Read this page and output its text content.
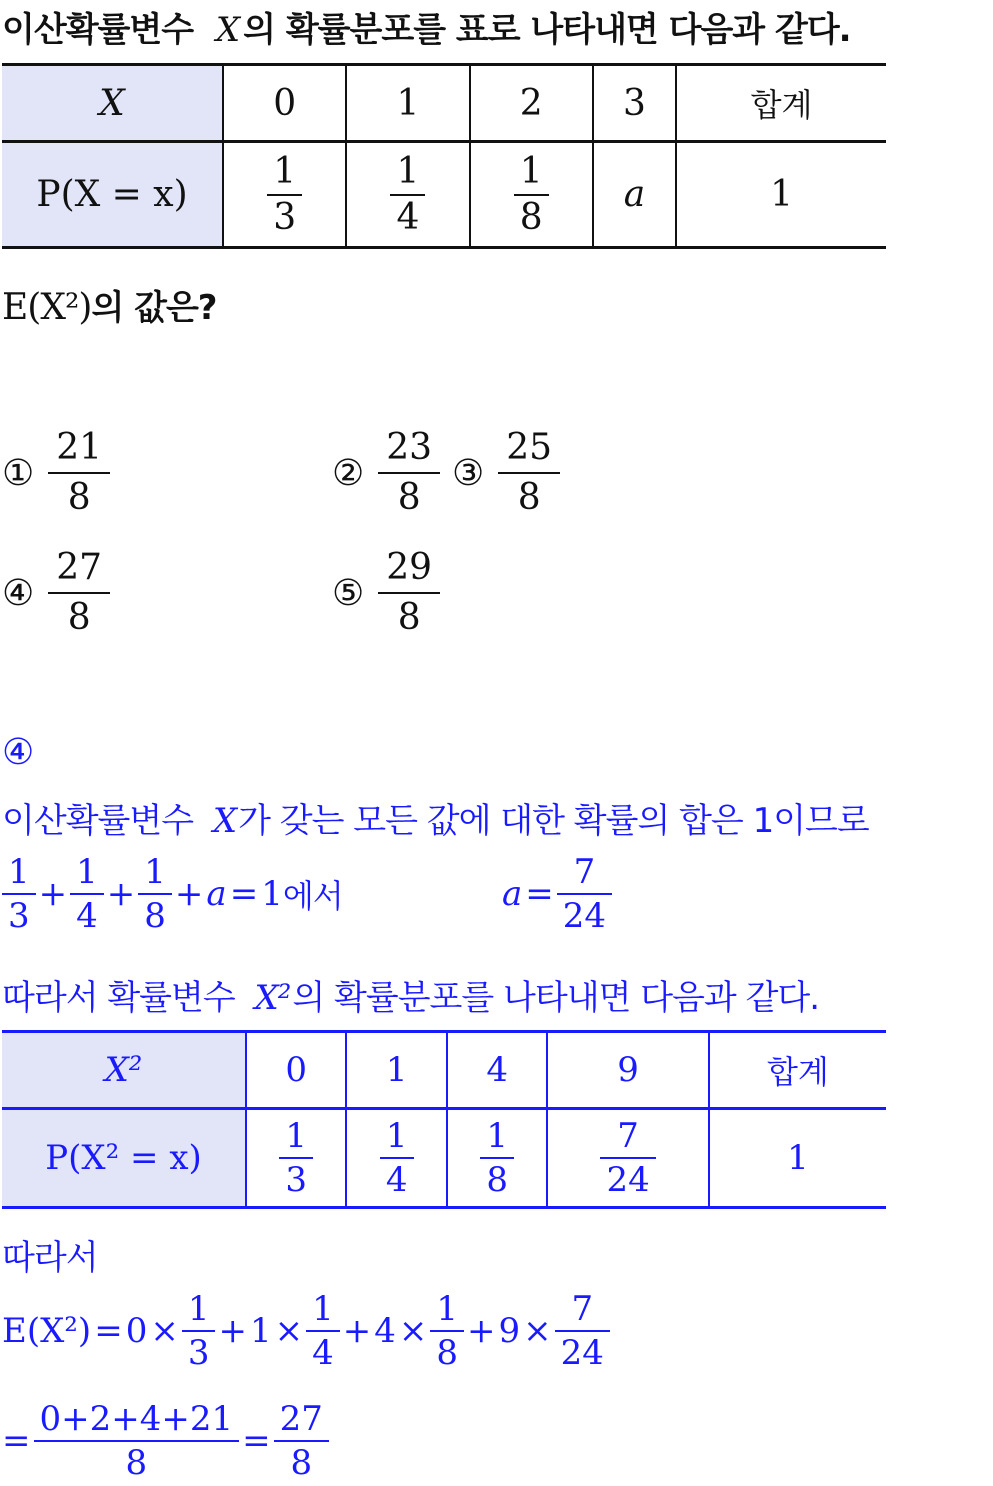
이산확률변수 X 의 확률분포를 표로 나타내면 다음과 같다.
X	0	1	2	3	합계
P(X = x)	$\frac{1}{3}$	$\frac{1}{4}$	$\frac{1}{8}$	a	1
E(X²)의 값은?
① $\frac{21}{8}$	② $\frac{23}{8}$ ③ $\frac{25}{8}$
④ $\frac{27}{8}$	⑤ $\frac{29}{8}$
④
이산확률변수 X가 갖는 모든 값에 대한 확률의 합은 1이므로
$\frac{1}{3} + \frac{1}{4} + \frac{1}{8} + a = 1$ 에서	$a = \frac{7}{24}$
따라서 확률변수 X²의 확률분포를 나타내면 다음과 같다.
X²	0	1	4	9	합계
P(X² = x)	$\frac{1}{3}$	$\frac{1}{4}$	$\frac{1}{8}$	$\frac{7}{24}$	1
따라서
$E(X^2) = 0 \times \frac{1}{3} + 1 \times \frac{1}{4} + 4 \times \frac{1}{8} + 9 \times \frac{7}{24}$
= $\frac{0+2+4+21}{8} = \frac{27}{8}$
